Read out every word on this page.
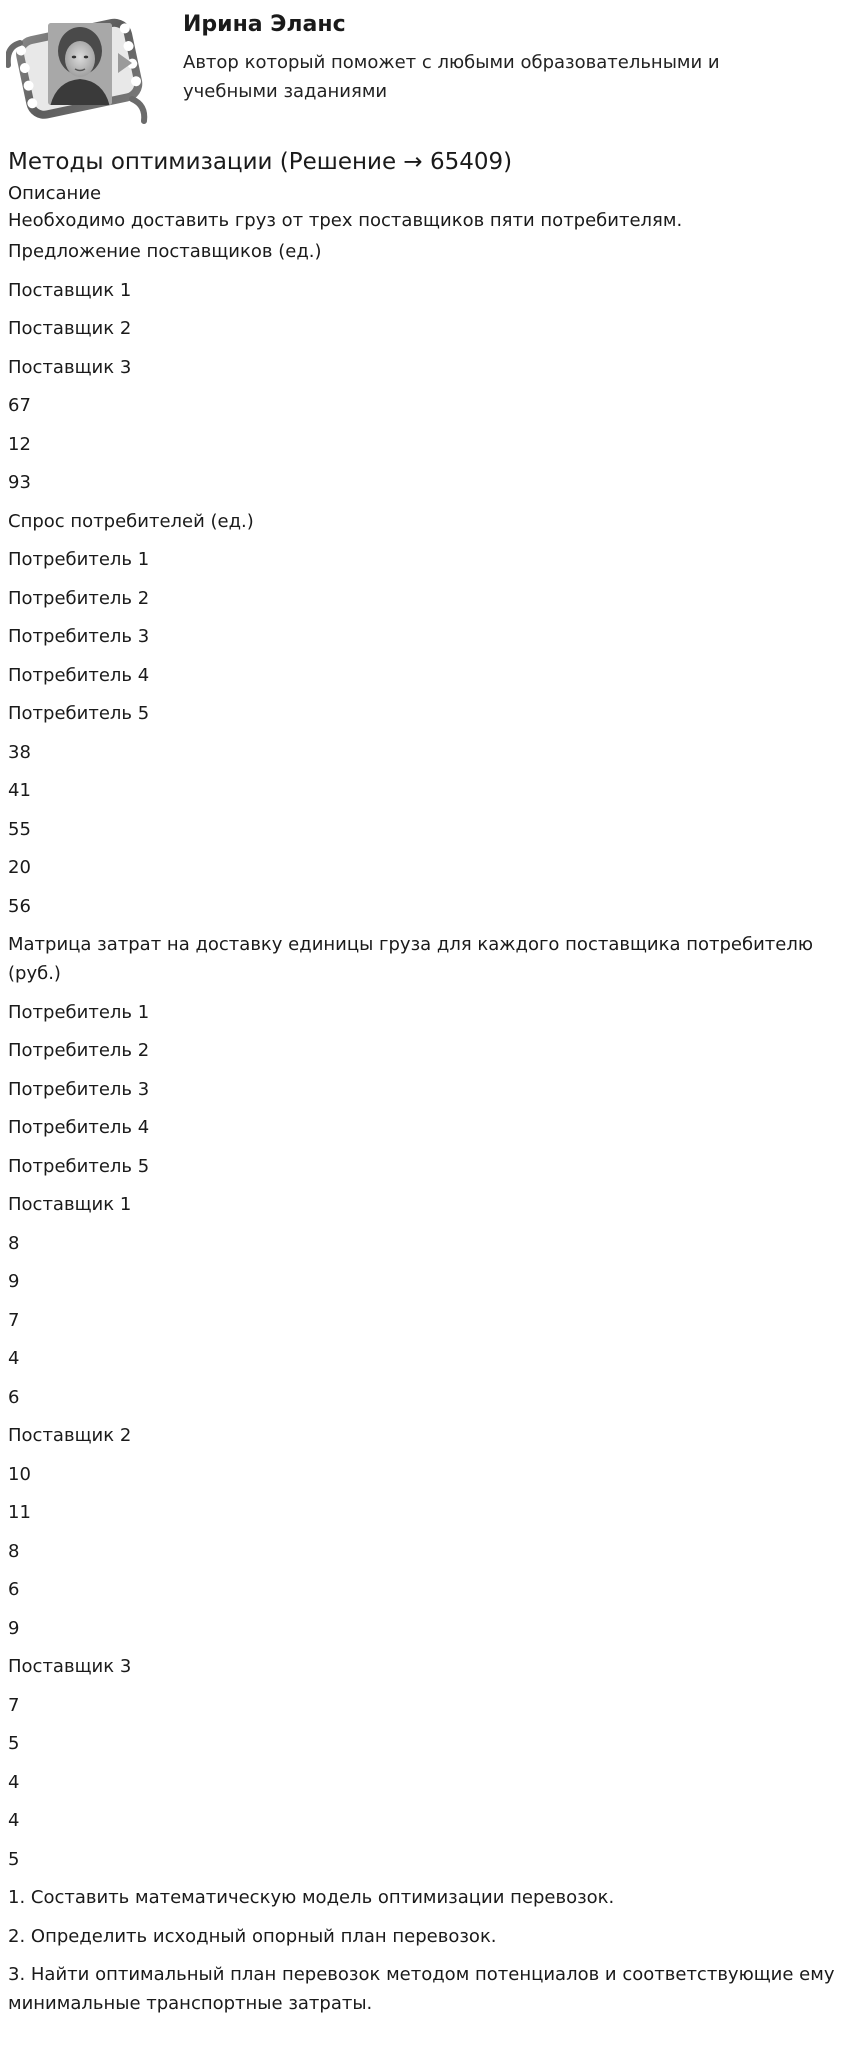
Ирина Эланс

Автор который поможет с любыми образовательными и учебными заданиями

Методы оптимизации (Решение → 65409)

Описание

Необходимо доставить груз от трех поставщиков пяти потребителям.

Предложение поставщиков (ед.)

Поставщик 1

Поставщик 2

Поставщик 3

67

12

93

Спрос потребителей (ед.)

Потребитель 1

Потребитель 2

Потребитель 3

Потребитель 4

Потребитель 5

38

41

55

20

56

Матрица затрат на доставку единицы груза для каждого поставщика потребителю (руб.)

Потребитель 1

Потребитель 2

Потребитель 3

Потребитель 4

Потребитель 5

Поставщик 1

8

9

7

4

6

Поставщик 2

10

11

8

6

9

Поставщик 3

7

5

4

4

5

1. Составить математическую модель оптимизации перевозок.

2. Определить исходный опорный план перевозок.

3. Найти оптимальный план перевозок методом потенциалов и соответствующие ему минимальные транспортные затраты.
